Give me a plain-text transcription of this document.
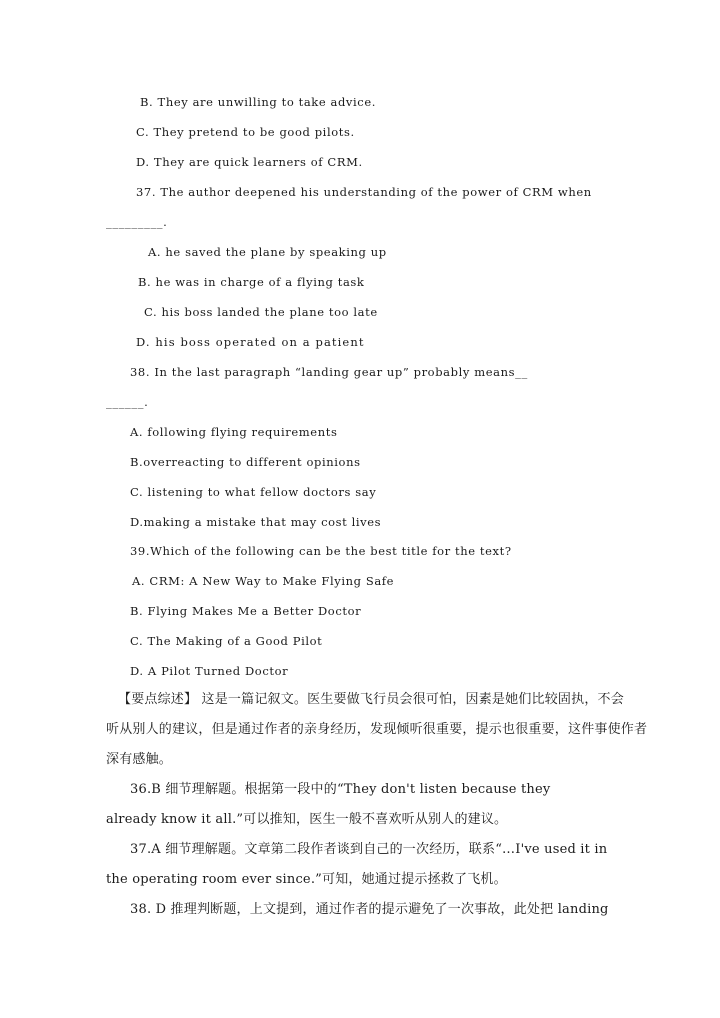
B. They are unwilling to take advice.
C. They pretend to be good pilots.
D. They are quick learners of CRM.
37. The author deepened his understanding of the power of CRM when
_________.
A. he saved the plane by speaking up
B. he was in charge of a flying task
C. his boss landed the plane too late
D. his boss operated on a patient
38. In the last paragraph “landing gear up” probably means__
______.
A. following flying requirements
B.overreacting to different opinions
C. listening to what fellow doctors say
D.making a mistake that may cost lives
39.Which of the following can be the best title for the text?
A. CRM: A New Way to Make Flying Safe
B. Flying Makes Me a Better Doctor
C. The Making of a Good Pilot
D. A Pilot Turned Doctor
【要点综述】 这是一篇记叙文。医生要做飞行员会很可怕，因素是她们比较固执，不会
听从别人的建议，但是通过作者的亲身经历，发现倾听很重要，提示也很重要，这件事使作者
深有感触。
36.B 细节理解题。根据第一段中的“They don't listen because they
already know it all.”可以推知，医生一般不喜欢听从别人的建议。
37.A 细节理解题。文章第二段作者谈到自己的一次经历，联系“…I've used it in
the operating room ever since.”可知，她通过提示拯救了飞机。
38. D 推理判断题，上文提到，通过作者的提示避免了一次事故，此处把 landing
